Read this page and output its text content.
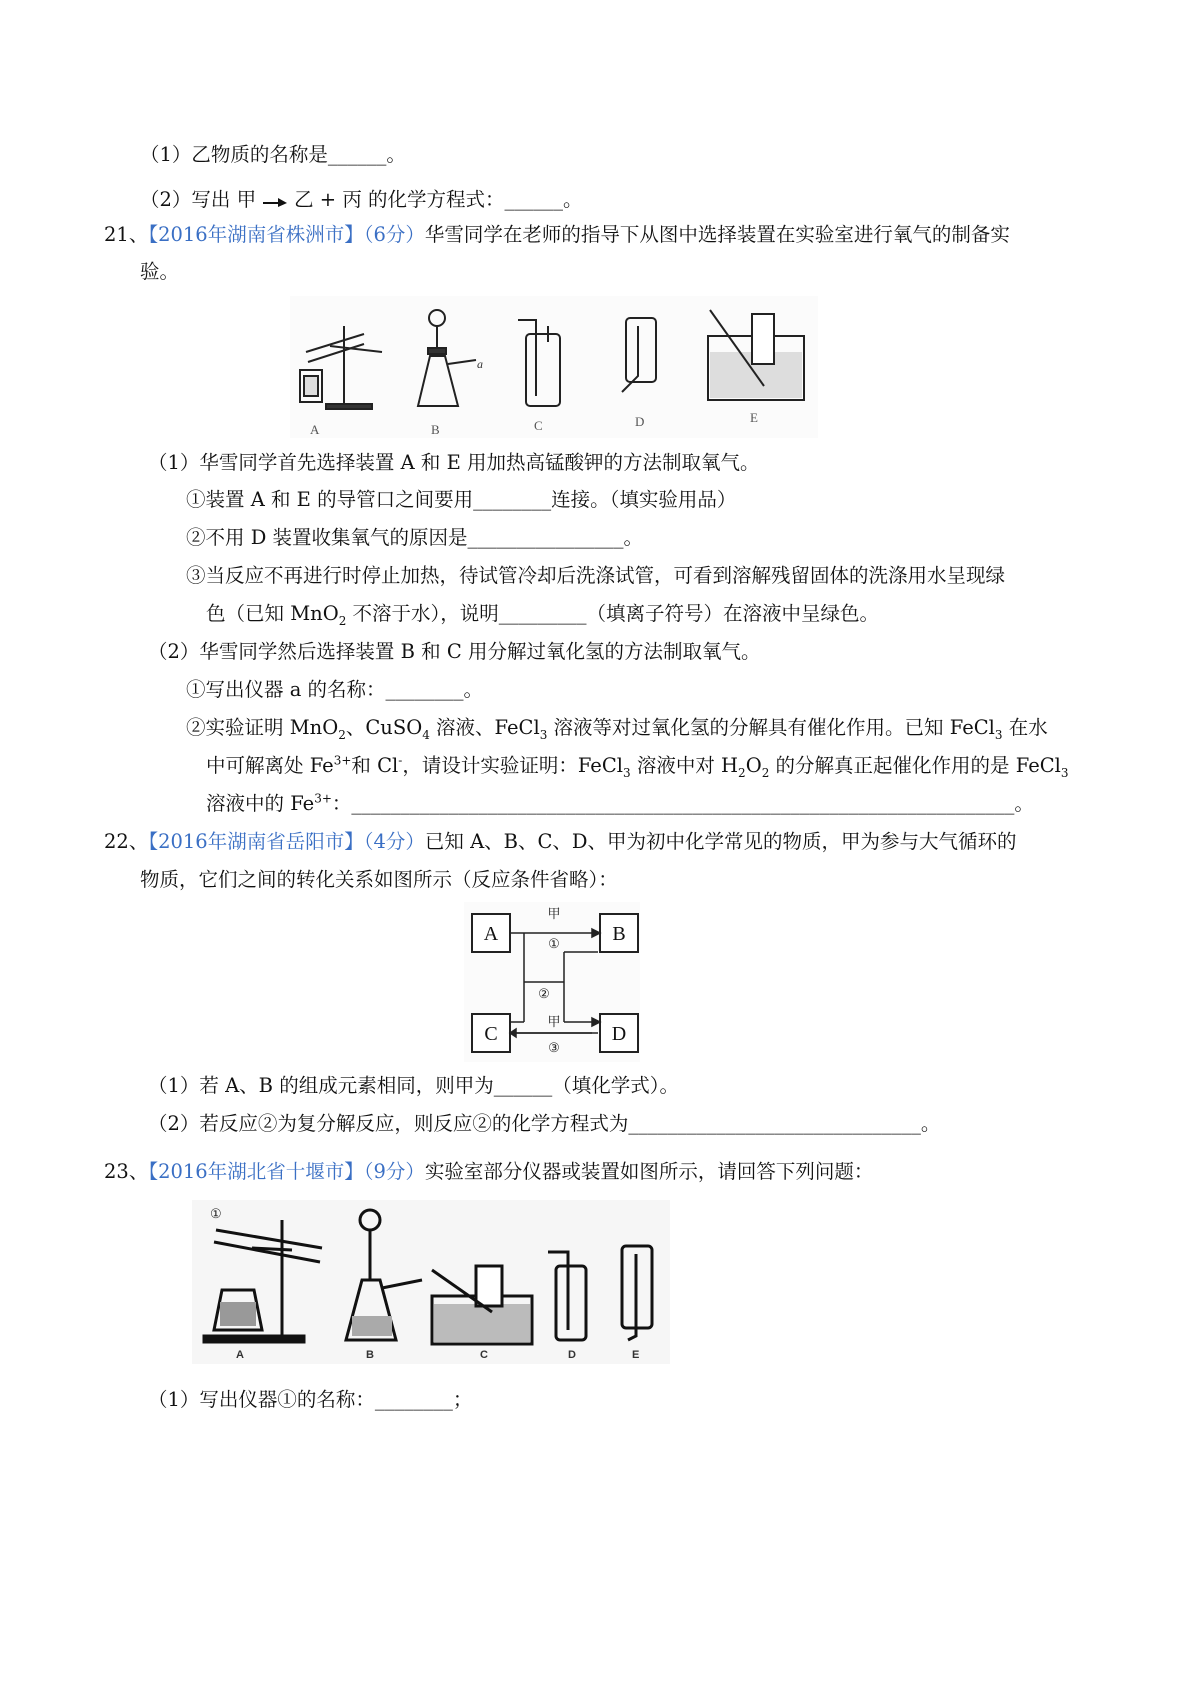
（1）乙物质的名称是______。
（2）写出 甲 → 乙 + 丙 的化学方程式：______。
21、【2016年湖南省株洲市】（6分）华雪同学在老师的指导下从图中选择装置在实验室进行氧气的制备实
验。
a
A	B	C	D	E
（1）华雪同学首先选择装置 A 和 E 用加热高锰酸钾的方法制取氧气。
①装置 A 和 E 的导管口之间要用________连接。（填实验用品）
②不用 D 装置收集氧气的原因是________________。
③当反应不再进行时停止加热，待试管冷却后洗涤试管，可看到溶解残留固体的洗涤用水呈现绿
色（已知 MnO$_2$ 不溶于水），说明_________（填离子符号）在溶液中呈绿色。
（2）华雪同学然后选择装置 B 和 C 用分解过氧化氢的方法制取氧气。
①写出仪器 a 的名称：________。
②实验证明 MnO$_2$、CuSO$_4$ 溶液、FeCl$_3$ 溶液等对过氧化氢的分解具有催化作用。已知 FeCl$_3$ 在水
中可解离处 $Fe^{3+}$和 Cl-，请设计实验证明：FeCl$_3$ 溶液中对 $H_2O_2$ 的分解真正起催化作用的是 FeCl$_3$
溶液中的 $Fe^{3+}$：____________________________________________________________________。
22、【2016年湖南省岳阳市】（4分）已知 A、B、C、D、甲为初中化学常见的物质，甲为参与大气循环的
物质，它们之间的转化关系如图所示（反应条件省略）：
A	B
C	D
甲
①
②
甲
③
（1）若 A、B 的组成元素相同，则甲为______（填化学式）。
（2）若反应②为复分解反应，则反应②的化学方程式为______________________________。
23、【2016年湖北省十堰市】（9分）实验室部分仪器或装置如图所示，请回答下列问题：
①
A	B	C	D	E
（1）写出仪器①的名称：________；
